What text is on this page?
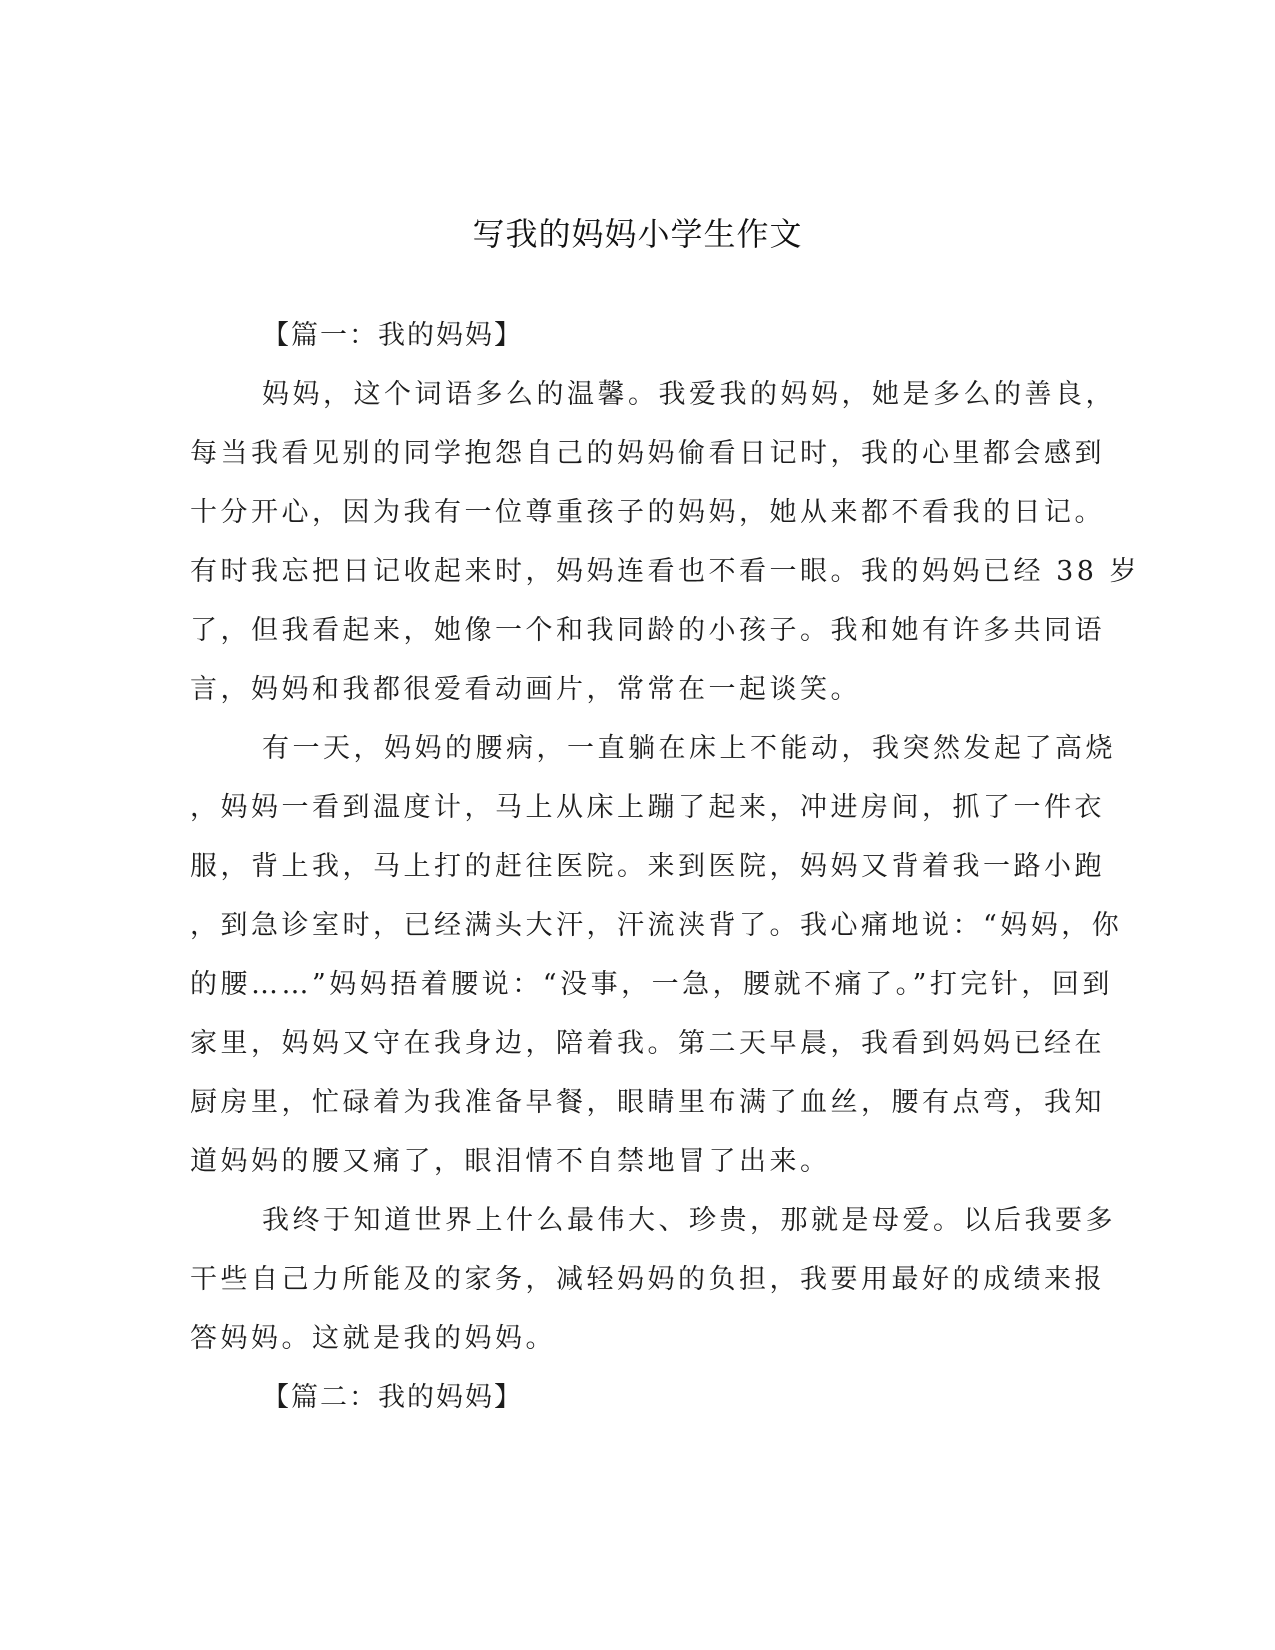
写我的妈妈小学生作文
【篇一：我的妈妈】
妈妈，这个词语多么的温馨。我爱我的妈妈，她是多么的善良，
每当我看见别的同学抱怨自己的妈妈偷看日记时，我的心里都会感到
十分开心，因为我有一位尊重孩子的妈妈，她从来都不看我的日记。
有时我忘把日记收起来时，妈妈连看也不看一眼。我的妈妈已经 38 岁
了，但我看起来，她像一个和我同龄的小孩子。我和她有许多共同语
言，妈妈和我都很爱看动画片，常常在一起谈笑。
有一天，妈妈的腰病，一直躺在床上不能动，我突然发起了高烧
，妈妈一看到温度计，马上从床上蹦了起来，冲进房间，抓了一件衣
服，背上我，马上打的赶往医院。来到医院，妈妈又背着我一路小跑
，到急诊室时，已经满头大汗，汗流浃背了。我心痛地说：“妈妈，你
的腰……”妈妈捂着腰说：“没事，一急，腰就不痛了。”打完针，回到
家里，妈妈又守在我身边，陪着我。第二天早晨，我看到妈妈已经在
厨房里，忙碌着为我准备早餐，眼睛里布满了血丝，腰有点弯，我知
道妈妈的腰又痛了，眼泪情不自禁地冒了出来。
我终于知道世界上什么最伟大、珍贵，那就是母爱。以后我要多
干些自己力所能及的家务，减轻妈妈的负担，我要用最好的成绩来报
答妈妈。这就是我的妈妈。
【篇二：我的妈妈】
